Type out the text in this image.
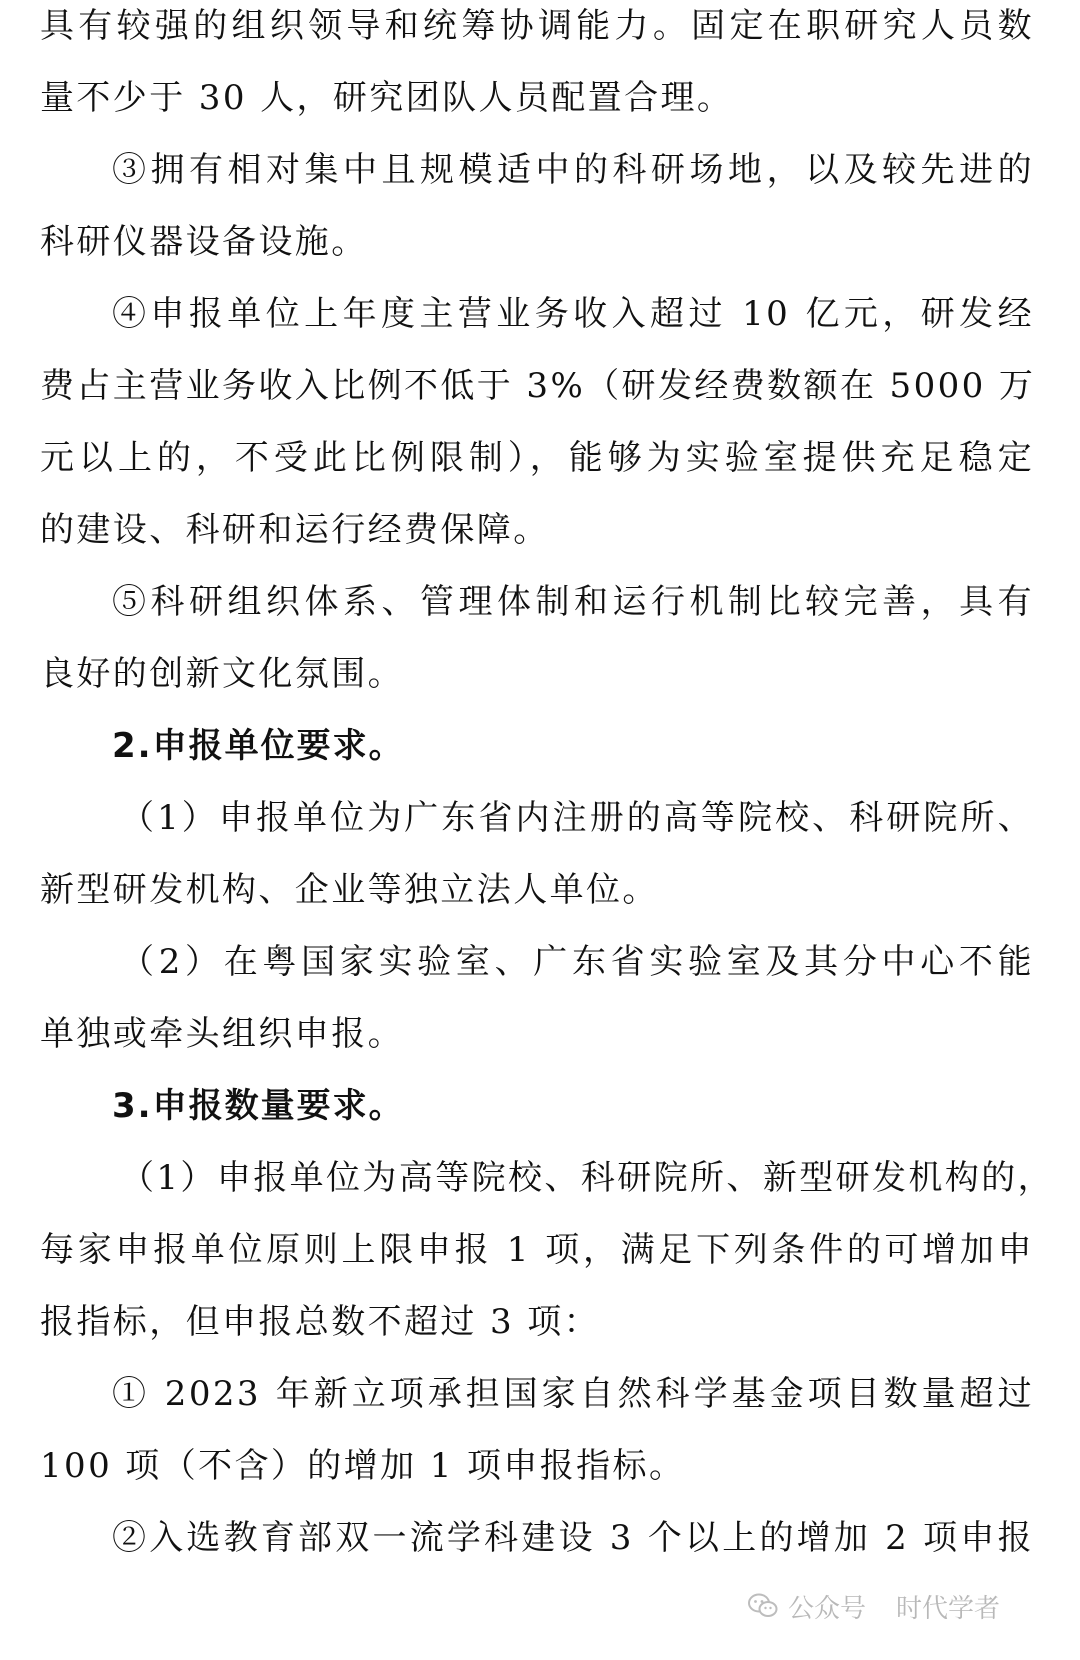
具有较强的组织领导和统筹协调能力。固定在职研究人员数
量不少于 30 人，研究团队人员配置合理。
③拥有相对集中且规模适中的科研场地，以及较先进的
科研仪器设备设施。
④申报单位上年度主营业务收入超过 10 亿元，研发经
费占主营业务收入比例不低于 3%（研发经费数额在 5000 万
元以上的，不受此比例限制），能够为实验室提供充足稳定
的建设、科研和运行经费保障。
⑤科研组织体系、管理体制和运行机制比较完善，具有
良好的创新文化氛围。
2.申报单位要求。
（1）申报单位为广东省内注册的高等院校、科研院所、
新型研发机构、企业等独立法人单位。
（2）在粤国家实验室、广东省实验室及其分中心不能
单独或牵头组织申报。
3.申报数量要求。
（1）申报单位为高等院校、科研院所、新型研发机构的，
每家申报单位原则上限申报 1 项，满足下列条件的可增加申
报指标，但申报总数不超过 3 项：
① 2023 年新立项承担国家自然科学基金项目数量超过
100 项（不含）的增加 1 项申报指标。
②入选教育部双一流学科建设 3 个以上的增加 2 项申报
公众号 时代学者
